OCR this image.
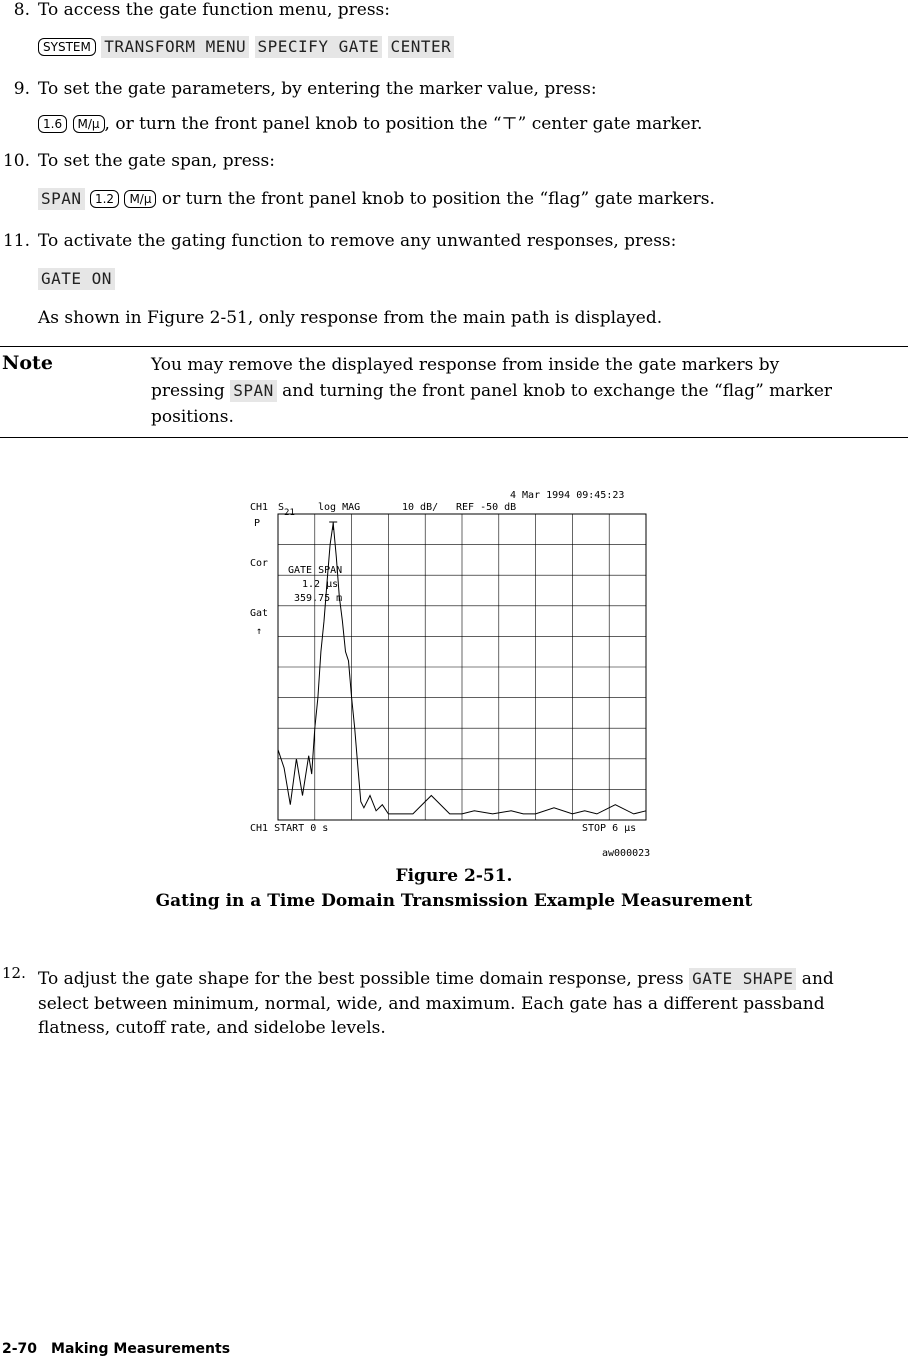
8. To access the gate function menu, press:
SYSTEM TRANSFORM MENU SPECIFY GATE CENTER
9. To set the gate parameters, by entering the marker value, press:
1.6 M/μ , or turn the front panel knob to position the “⊤” center gate marker.
10. To set the gate span, press:
SPAN 1.2 M/μ or turn the front panel knob to position the “flag” gate markers.
11. To activate the gating function to remove any unwanted responses, press:
GATE ON
As shown in Figure 2-51, only response from the main path is displayed.
Note	You may remove the displayed response from inside the gate markers by
pressing SPAN and turning the front panel knob to exchange the “flag” marker
positions.
4 Mar 1994 09:45:23
CH1 S21 log MAG	10 dB/ REF -50 dB
P
Cor
Gat
↑
GATE SPAN
1.2 μs
359.75 m
CH1 START 0 s	STOP 6 μs
aw000023
Figure 2-51.
Gating in a Time Domain Transmission Example Measurement
12. To adjust the gate shape for the best possible time domain response, press GATE SHAPE and
select between minimum, normal, wide, and maximum. Each gate has a different passband
flatness, cutoff rate, and sidelobe levels.
2-70 Making Measurements
